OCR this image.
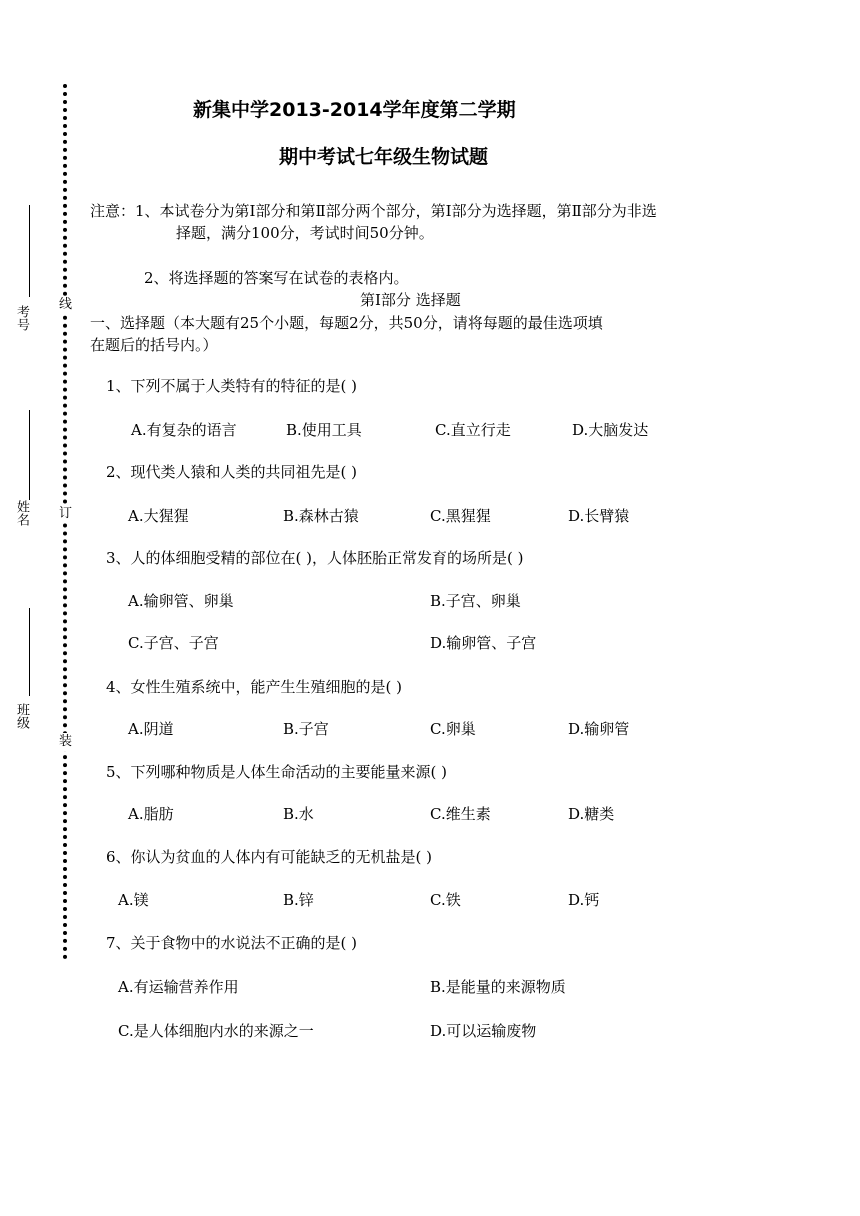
考号
姓名
班级
线
订
装
新集中学2013-2014学年度第二学期
期中考试七年级生物试题
注意：1、本试卷分为第Ⅰ部分和第Ⅱ部分两个部分，第Ⅰ部分为选择题，第Ⅱ部分为非选
择题，满分100分，考试时间50分钟。
2、将选择题的答案写在试卷的表格内。
第Ⅰ部分 选择题
一、选择题（本大题有25个小题，每题2分，共50分，请将每题的最佳选项填
在题后的括号内。）
1、下列不属于人类特有的特征的是( )
A.有复杂的语言	B.使用工具	C.直立行走	D.大脑发达
2、现代类人猿和人类的共同祖先是( )
A.大猩猩	B.森林古猿	C.黑猩猩	D.长臂猿
3、人的体细胞受精的部位在( )，人体胚胎正常发育的场所是( )
A.输卵管、卵巢	B.子宫、卵巢
C.子宫、子宫	D.输卵管、子宫
4、女性生殖系统中，能产生生殖细胞的是( )
A.阴道	B.子宫	C.卵巢	D.输卵管
5、下列哪种物质是人体生命活动的主要能量来源( )
A.脂肪	B.水	C.维生素	D.糖类
6、你认为贫血的人体内有可能缺乏的无机盐是( )
A.镁	B.锌	C.铁	D.钙
7、关于食物中的水说法不正确的是( )
A.有运输营养作用	B.是能量的来源物质
C.是人体细胞内水的来源之一	D.可以运输废物
